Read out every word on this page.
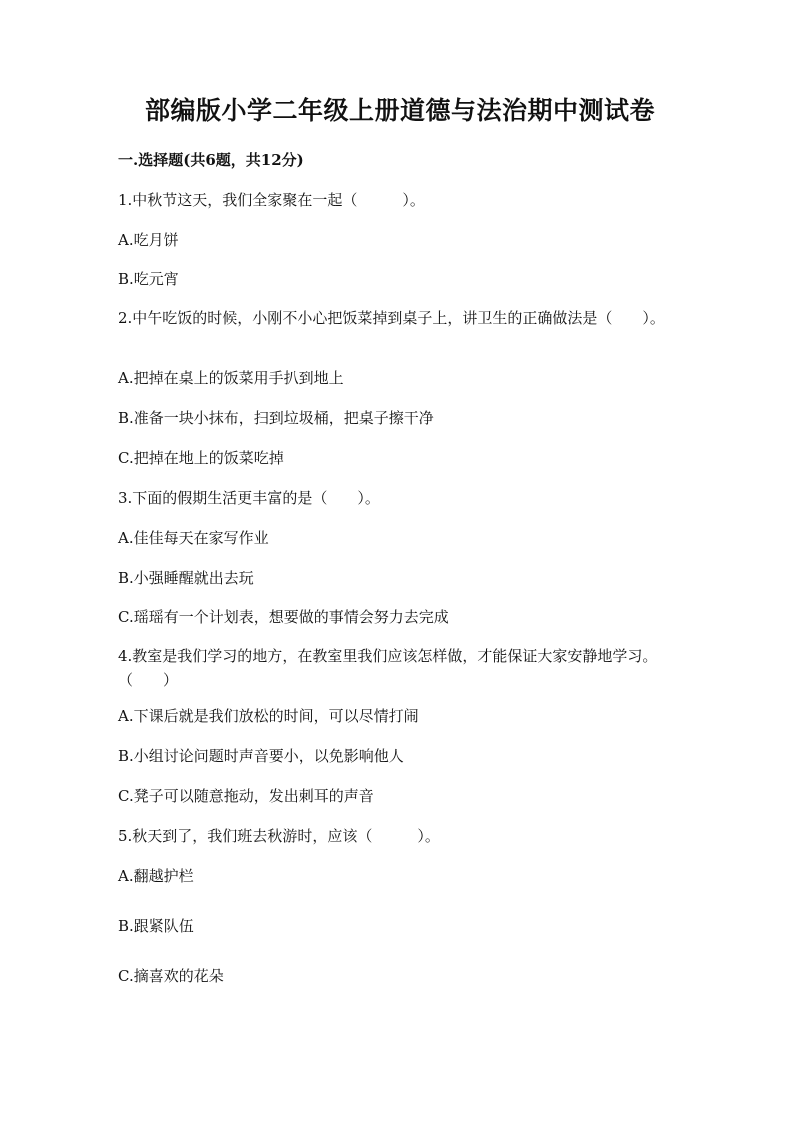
部编版小学二年级上册道德与法治期中测试卷
一.选择题(共6题，共12分)
1.中秋节这天，我们全家聚在一起（　　　）。
A.吃月饼
B.吃元宵
2.中午吃饭的时候，小刚不小心把饭菜掉到桌子上，讲卫生的正确做法是（　　）。
A.把掉在桌上的饭菜用手扒到地上
B.准备一块小抹布，扫到垃圾桶，把桌子擦干净
C.把掉在地上的饭菜吃掉
3.下面的假期生活更丰富的是（　　）。
A.佳佳每天在家写作业
B.小强睡醒就出去玩
C.瑶瑶有一个计划表，想要做的事情会努力去完成
4.教室是我们学习的地方，在教室里我们应该怎样做，才能保证大家安静地学习。（　　）
A.下课后就是我们放松的时间，可以尽情打闹
B.小组讨论问题时声音要小，以免影响他人
C.凳子可以随意拖动，发出刺耳的声音
5.秋天到了，我们班去秋游时，应该（　　　）。
A.翻越护栏
B.跟紧队伍
C.摘喜欢的花朵
